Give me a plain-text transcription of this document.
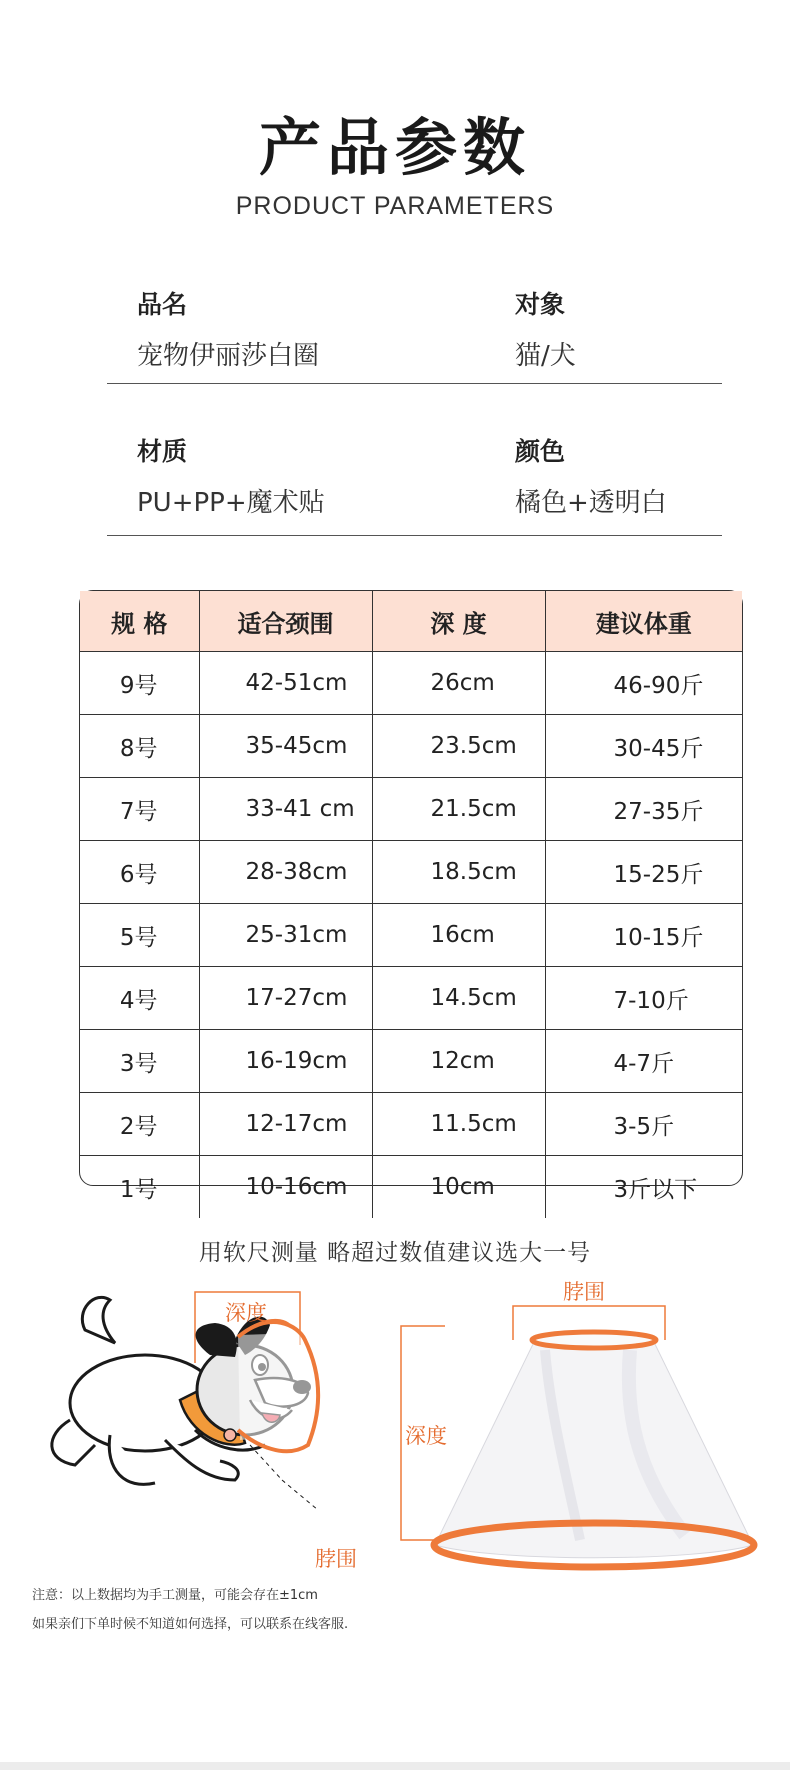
产品参数
PRODUCT PARAMETERS
品名
宠物伊丽莎白圈
对象
猫/犬
材质
PU+PP+魔术贴
颜色
橘色+透明白
规 格	适合颈围	深 度	建议体重
9号	42-51cm	26cm	46-90斤
8号	35-45cm	23.5cm	30-45斤
7号	33-41 cm	21.5cm	27-35斤
6号	28-38cm	18.5cm	15-25斤
5号	25-31cm	16cm	10-15斤
4号	17-27cm	14.5cm	7-10斤
3号	16-19cm	12cm	4-7斤
2号	12-17cm	11.5cm	3-5斤
1号	10-16cm	10cm	3斤以下
用软尺测量 略超过数值建议选大一号
深度
脖围
脖围
深度
注意：以上数据均为手工测量，可能会存在±1cm
如果亲们下单时候不知道如何选择，可以联系在线客服.
